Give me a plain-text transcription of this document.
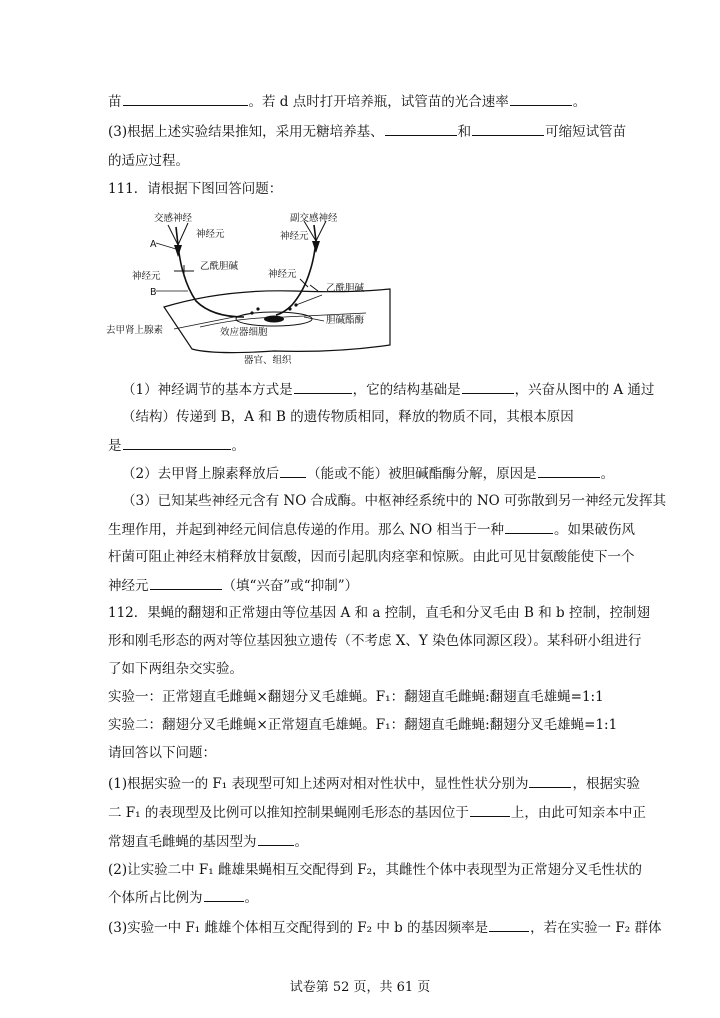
苗	。若 d 点时打开培养瓶，试管苗的光合速率	。
(3)根据上述实验结果推知，采用无糖培养基、	和	可缩短试管苗
的适应过程。
111．请根据下图回答问题：
交感神经	副交感神经
神经元	神经元
A
乙酰胆碱
神经元
神经元
乙酰胆碱
B
胆碱酯酶
去甲肾上腺素	效应器细胞
器官、组织
（1）神经调节的基本方式是	，它的结构基础是	，兴奋从图中的 A 通过
（结构）传递到 B，A 和 B 的遗传物质相同，释放的物质不同，其根本原因
是	。
（2）去甲肾上腺素释放后 （能或不能）被胆碱酯酶分解，原因是	。
（3）已知某些神经元含有 NO 合成酶。中枢神经系统中的 NO 可弥散到另一神经元发挥其
生理作用，并起到神经元间信息传递的作用。那么 NO 相当于一种	。如果破伤风
杆菌可阻止神经末梢释放甘氨酸，因而引起肌肉痉挛和惊厥。由此可见甘氨酸能使下一个
神经元	（填“兴奋”或“抑制”）
112．果蝇的翻翅和正常翅由等位基因 A 和 a 控制，直毛和分叉毛由 B 和 b 控制，控制翅
形和刚毛形态的两对等位基因独立遗传（不考虑 X、Y 染色体同源区段）。某科研小组进行
了如下两组杂交实验。
实验一：正常翅直毛雌蝇×翻翅分叉毛雄蝇。F₁：翻翅直毛雌蝇:翻翅直毛雄蝇=1:1
实验二：翻翅分叉毛雌蝇×正常翅直毛雄蝇。F₁：翻翅直毛雌蝇:翻翅分叉毛雄蝇=1:1
请回答以下问题：
(1)根据实验一的 F₁ 表现型可知上述两对相对性状中，显性性状分别为	，根据实验
二 F₁ 的表现型及比例可以推知控制果蝇刚毛形态的基因位于	上，由此可知亲本中正
常翅直毛雌蝇的基因型为	。
(2)让实验二中 F₁ 雌雄果蝇相互交配得到 F₂，其雌性个体中表现型为正常翅分叉毛性状的
个体所占比例为	。
(3)实验一中 F₁ 雌雄个体相互交配得到的 F₂ 中 b 的基因频率是	，若在实验一 F₂ 群体
试卷第 52 页，共 61 页
